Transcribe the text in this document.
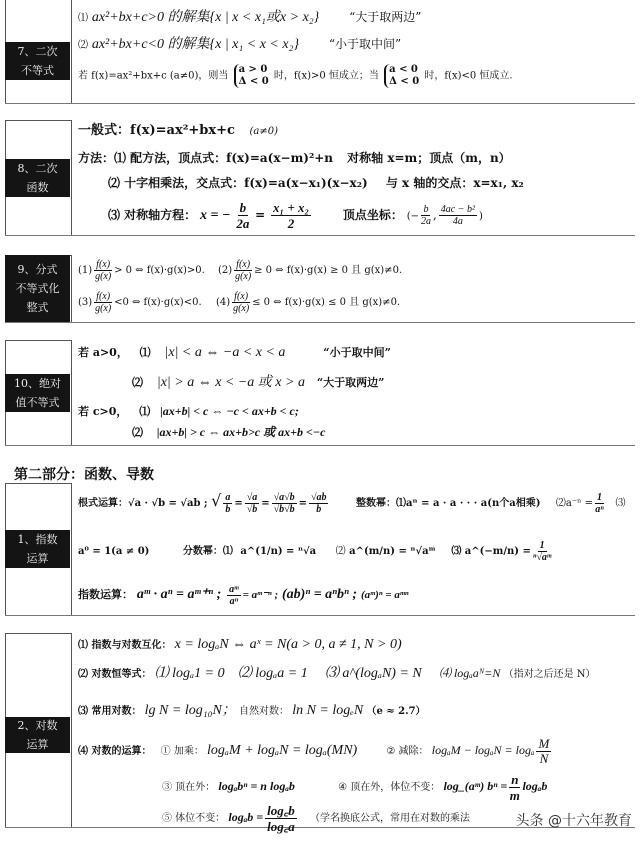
7、二次不等式
⑴ ax²+bx+c>0 的解集{x | x < x₁或x > x₂} “大于取两边”
⑵ ax²+bx+c<0 的解集{x | x₁ < x < x₂} “小于取中间”
若 f(x)=ax²+bx+c (a≠0)，则当
a > 0
Δ < 0 时，f(x)>0 恒成立；当
a < 0
Δ < 0 时，f(x)<0 恒成立.
8、二次函数
一般式：f(x)=ax²+bx+c (a≠0)
方法：⑴ 配方法，顶点式：f(x)=a(x−m)²+n 对称轴 x=m；顶点（m，n）
⑵ 十字相乘法，交点式：f(x)=a(x−x₁)(x−x₂) 与 x 轴的交点：x=x₁, x₂
⑶ 对称轴方程： x = − $\frac{b}{2a} = \frac{\text{x₁ + x₂}}{2}$	顶点坐标： (− $\frac{b}{2a}$ , $\frac{\text{4ac − b²}}{4a}$ )
9、分式不等式化整式
$(1) \frac{f(x)}{g(x)} > 0$ ⇔ f(x)·g(x)>0. $(2) \frac{f(x)}{g(x)} \ge 0$ ⇔ f(x)·g(x) ≥ 0 且 g(x)≠0.
$(3) \frac{f(x)}{g(x)} <0$ ⇔ f(x)·g(x)<0. $(4) \frac{f(x)}{g(x)} \le 0$ ⇔ f(x)·g(x) ≤ 0 且 g(x)≠0.
10、绝对值不等式
若 a>0， ⑴ |x| < a ⇔ −a < x < a	“小于取中间”
⑵ |x| > a ⇔ x < −a 或 x > a “大于取两边”
若 c>0， ⑴ |ax+b| < c ⇔ −c < ax+b < c;
⑵ |ax+b| > c ⇔ ax+b>c 或 ax+b <−c
第二部分：函数、导数
1、指数运算
根式运算：√a · √b = √ab ; √ $\frac{a}{b} = \frac{√a}{√b} = \frac{√a√b}{√b√b} = \frac{√ab}{b}$	整数幂：⑴aⁿ = a · a · · · a(n个a相乘) ⑵a⁻ⁿ = $\frac{1}{\text{aⁿ}}$ ⑶
a⁰ = 1(a ≠ 0)	分数幂：⑴ a^(1/n) = ⁿ√a ⑵ a^(m/n) = ⁿ√aᵐ ⑶ a^(−m/n) = $\frac{1}{\text{ⁿ√aᵐ}}$
指数运算： aᵐ · aⁿ = aᵐ⁺ⁿ ; $\frac{\text{aᵐ}}{\text{aⁿ}}$ = aᵐ⁻ⁿ ; (ab)ⁿ = aⁿbⁿ ; (aᵐ)ⁿ = aᵐⁿ
2、对数运算
⑴ 指数与对数互化： x = logₐN ⇔ aˣ = N(a > 0, a ≠ 1, N > 0)
⑵ 对数恒等式： ⑴ logₐ1 = 0 ⑵ logₐa = 1 ⑶ a^(logₐN) = N ⑷ logₐaᴺ=N （指对之后还是 N）
⑶ 常用对数： lg N = log₁₀N； 自然对数： ln N = logₑN （e ≈ 2.7）
⑷ 对数的运算： ① 加乘： logₐM + logₐN = logₐ(MN)	② 减除： logₐM − logₐN = logₐ $\frac{M}{N}$
③ 顶在外： logₐbⁿ = n logₐb	④ 顶在外，体位不变： log_(aᵐ) $b^n = \frac{n}{m}$ logₐb
⑤ 体位不变： $\log_ab = \frac{\log꜀b}{\log꜀a}$ （学名换底公式，常用在对数的乘法	头条 @十六年教育
